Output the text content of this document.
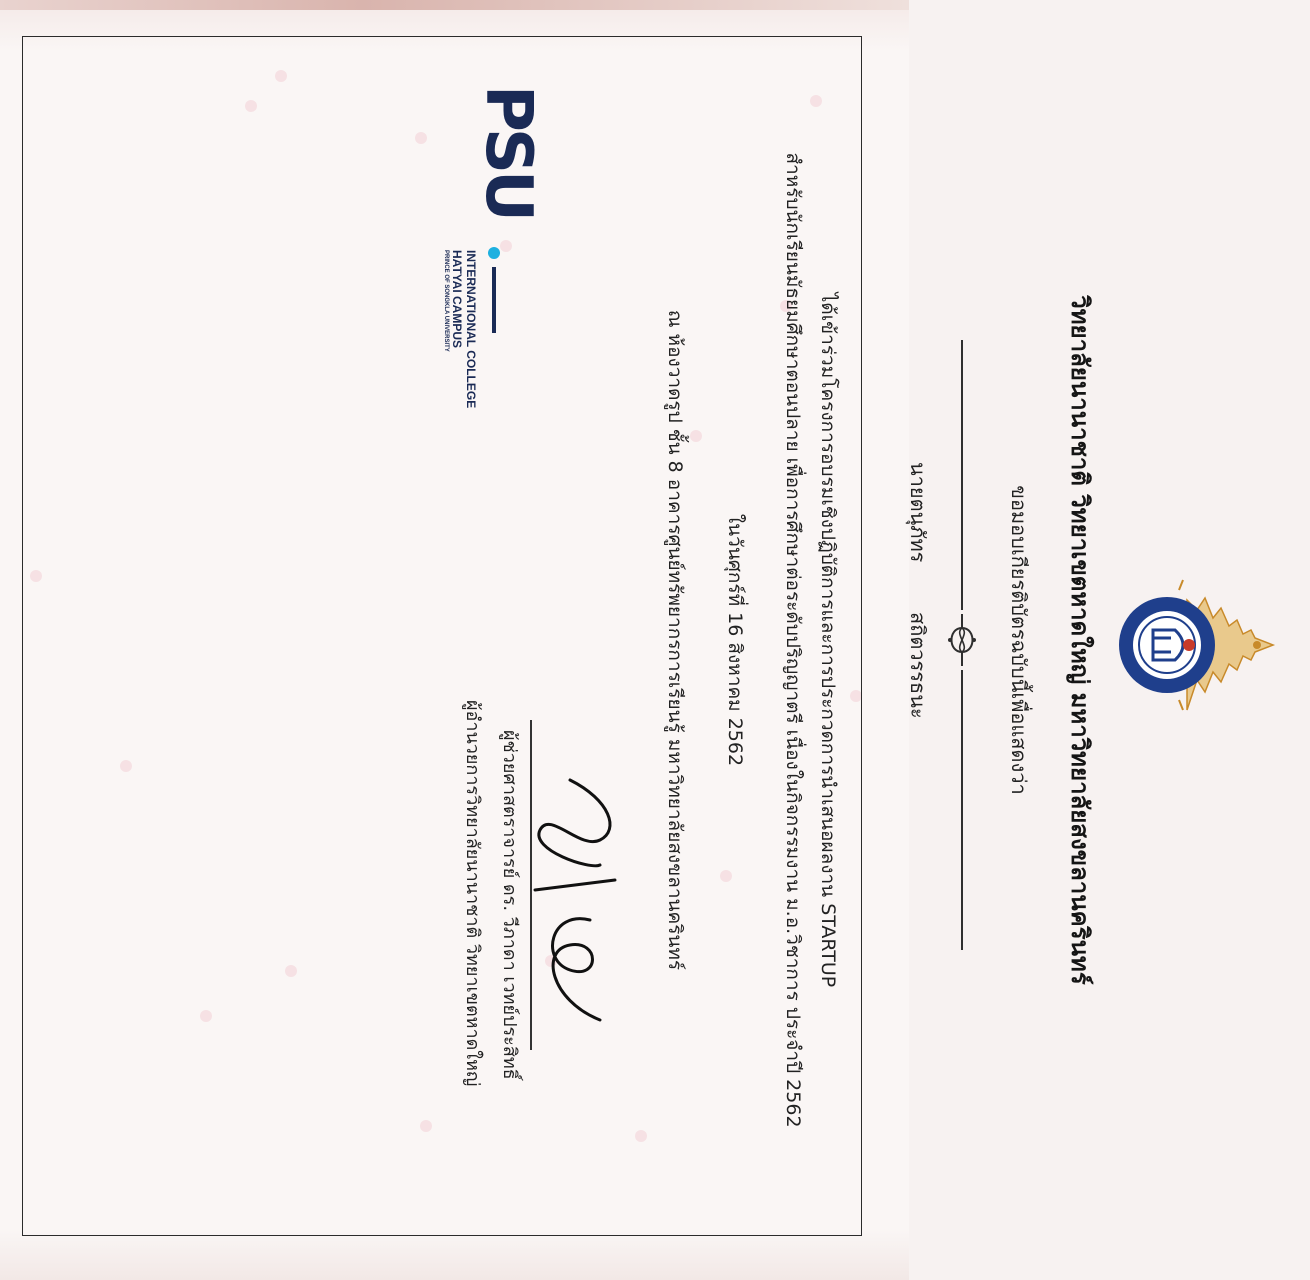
วิทยาลัยนานาชาติ วิทยาเขตหาดใหญ่ มหาวิทยาลัยสงขลานครินทร์
ขอมอบเกียรติบัตรฉบับนี้เพื่อแสดงว่า
นายตนุภัทร
สถิตวรรธนะ
ได้เข้าร่วมโครงการอบรมเชิงปฏิบัติการและการประกวดการนำเสนอผลงาน STARTUP
สำหรับนักเรียนมัธยมศึกษาตอนปลาย เพื่อการศึกษาต่อระดับปริญญาตรี เนื่องในกิจกรรมงาน ม.อ.วิชาการ ประจำปี 2562
ในวันศุกร์ที่ 16 สิงหาคม 2562
ณ ห้องวาดรูป ชั้น 8 อาคารศูนย์ทรัพยากรการเรียนรู้ มหาวิทยาลัยสงขลานครินทร์
ผู้ช่วยศาสตราจารย์ ดร. วีภาดา เวทย์ประสิทธิ์
ผู้อำนวยการวิทยาลัยนานาชาติ วิทยาเขตหาดใหญ่
PSU
INTERNATIONAL COLLEGE
HATYAI CAMPUS
PRINCE OF SONGKLA UNIVERSITY
